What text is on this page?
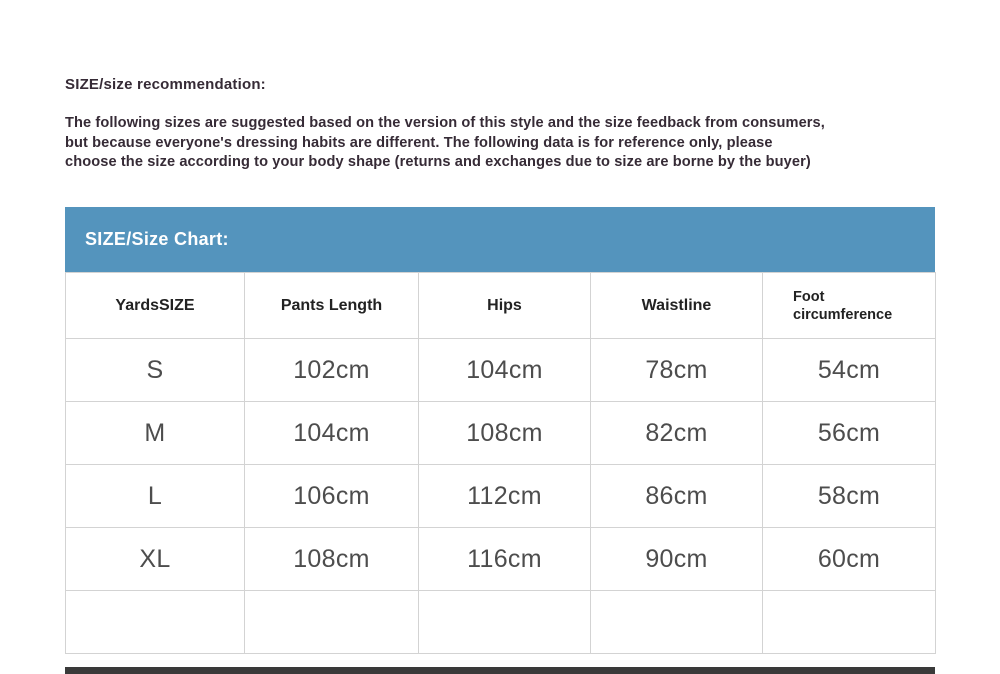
SIZE/size recommendation:
The following sizes are suggested based on the version of this style and the size feedback from consumers,
but because everyone's dressing habits are different. The following data is for reference only, please
choose the size according to your body shape (returns and exchanges due to size are borne by the buyer)
SIZE/Size Chart:
YardsSIZE	Pants Length	Hips	Waistline	Foot circumference
S	102cm	104cm	78cm	54cm
M	104cm	108cm	82cm	56cm
L	106cm	112cm	86cm	58cm
XL	108cm	116cm	90cm	60cm
